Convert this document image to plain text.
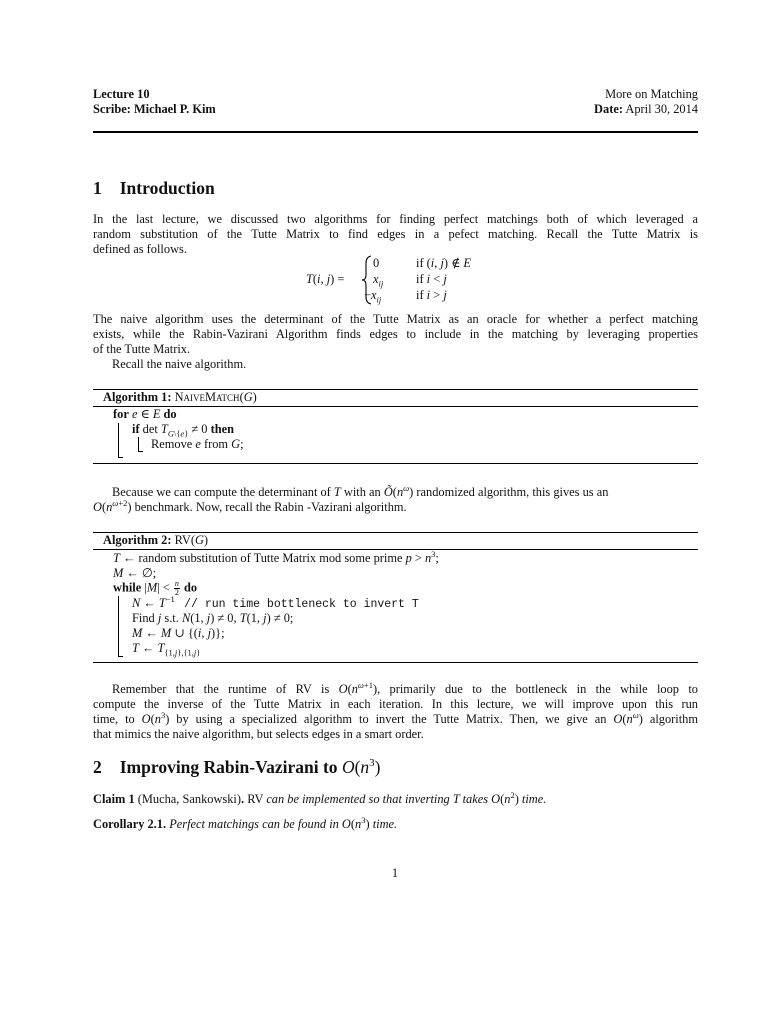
Lecture 10
Scribe: Michael P. Kim
More on Matching
Date: April 30, 2014
1 Introduction
In the last lecture, we discussed two algorithms for finding perfect matchings both of which leveraged a
random substitution of the Tutte Matrix to find edges in a pefect matching. Recall the Tutte Matrix is
defined as follows.
T(i, j) =
0
$x_{ij}$
$-x_{ij}$
if (i, j) ∉ E
if i < j
if i > j
The naive algorithm uses the determinant of the Tutte Matrix as an oracle for whether a perfect matching
exists, while the Rabin-Vazirani Algorithm finds edges to include in the matching by leveraging properties
of the Tutte Matrix.
Recall the naive algorithm.
Algorithm 1: NaiveMatch(G)
for e ∈ E do
if $\det T_{G\backslash\{e\}} \ne 0$ then
Remove e from G;
Because we can compute the determinant of T with an $Õ(n^\omega)$ randomized algorithm, this gives us an
$O(n^{\omega+2})$ benchmark. Now, recall the Rabin -Vazirani algorithm.
Algorithm 2: RV(G)
T ← random substitution of Tutte Matrix mod some prime $p > n^3$;
M ← ∅;
while $|M| < \frac{n}{2}$ do
N ← $T^{-1}$ // run time bottleneck to invert T
Find j s.t. N(1, j) ≠ 0, T(1, j) ≠ 0;
M ← M ∪ {(i, j)};
T ← $T_{\{1,j\},\{1,j\}}$
Remember that the runtime of RV is $O(n^{\omega+1})$, primarily due to the bottleneck in the while loop to
compute the inverse of the Tutte Matrix in each iteration. In this lecture, we will improve upon this run
time, to $O(n^3)$ by using a specialized algorithm to invert the Tutte Matrix. Then, we give an $O(n^\omega)$ algorithm
that mimics the naive algorithm, but selects edges in a smart order.
2 Improving Rabin-Vazirani to $O(n^3)$
Claim 1 (Mucha, Sankowski). RV can be implemented so that inverting T takes $O(n^2)$ time.
Corollary 2.1. Perfect matchings can be found in $O(n^3)$ time.
1
